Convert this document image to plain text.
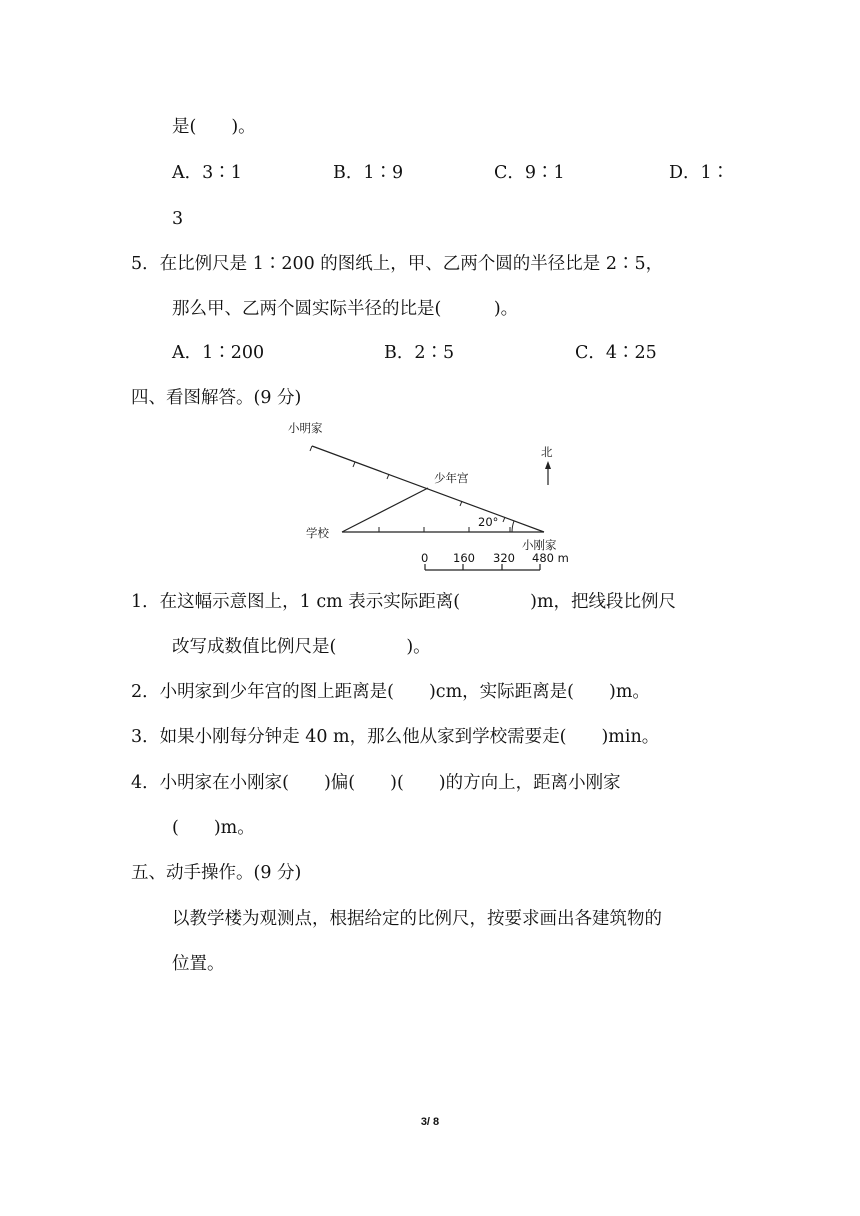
是(　　)。
A．3∶1	B．1∶9	C．9∶1	D．1∶
3
5．在比例尺是 1∶200 的图纸上，甲、乙两个圆的半径比是 2∶5，
那么甲、乙两个圆实际半径的比是(　　　)。
A．1∶200	B．2∶5	C．4∶25
四、看图解答。(9 分)
小明家
少年宫
学校
小刚家
北
20°
0 160 320 480 m
1．在这幅示意图上，1 cm 表示实际距离(　　　　)m，把线段比例尺
改写成数值比例尺是(　　　　)。
2．小明家到少年宫的图上距离是(　　)cm，实际距离是(　　)m。
3．如果小刚每分钟走 40 m，那么他从家到学校需要走(　　)min。
4．小明家在小刚家(　　)偏(　　)(　　)的方向上，距离小刚家
(　　)m。
五、动手操作。(9 分)
以教学楼为观测点，根据给定的比例尺，按要求画出各建筑物的
位置。
3/ 8
